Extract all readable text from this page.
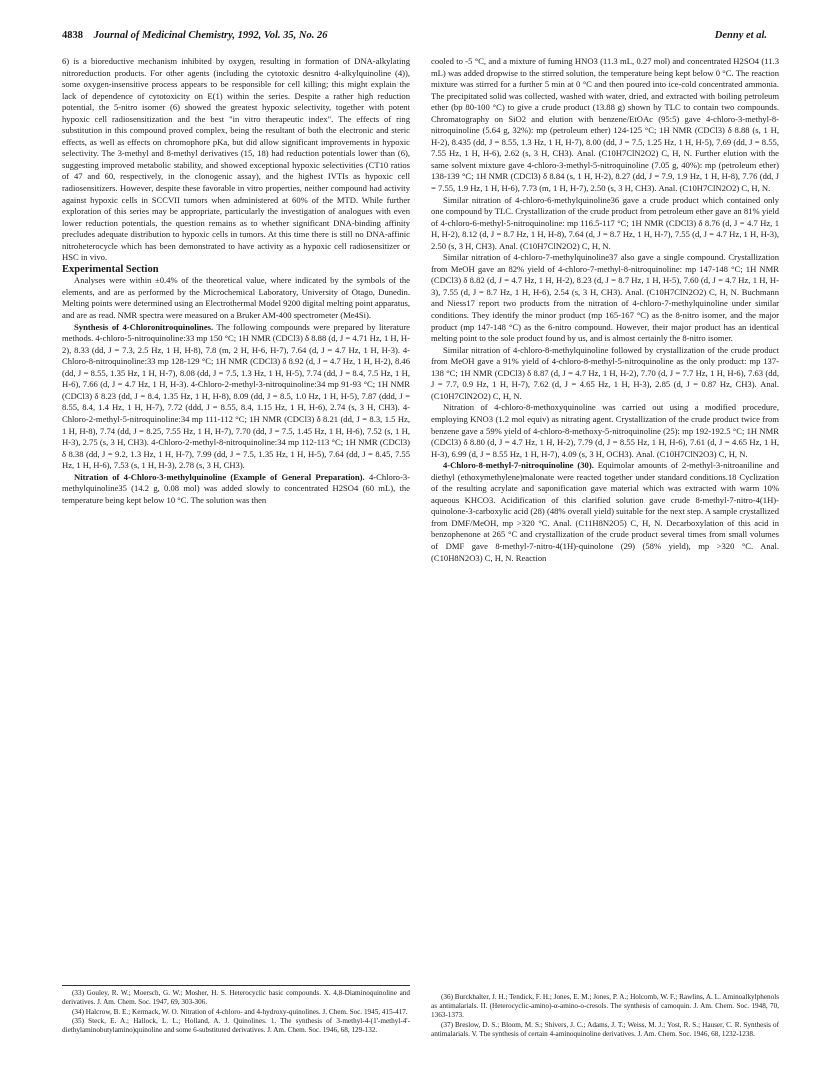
4838 Journal of Medicinal Chemistry, 1992, Vol. 35, No. 26	Denny et al.

6) is a bioreductive mechanism inhibited by oxygen, resulting in formation of DNA-alkylating nitroreduction products. For other agents (including the cytotoxic desnitro 4-alkylquinoline (4)), some oxygen-insensitive process appears to be responsible for cell killing; this might explain the lack of dependence of cytotoxicity on E(1) within the series. Despite a rather high reduction potential, the 5-nitro isomer (6) showed the greatest hypoxic selectivity, together with potent hypoxic cell radiosensitization and the best "in vitro therapeutic index". The effects of ring substitution in this compound proved complex, being the resultant of both the electronic and steric effects, as well as effects on chromophore pKa, but did allow significant improvements in hypoxic selectivity. The 3-methyl and 8-methyl derivatives (15, 18) had reduction potentials lower than (6), suggesting improved metabolic stability, and showed exceptional hypoxic selectivities (CT10 ratios of 47 and 60, respectively, in the clonogenic assay), and the highest IVTIs as hypoxic cell radiosensitizers. However, despite these favorable in vitro properties, neither compound had activity against hypoxic cells in SCCVII tumors when administered at 60% of the MTD. While further exploration of this series may be appropriate, particularly the investigation of analogues with even lower reduction potentials, the question remains as to whether significant DNA-binding affinity precludes adequate distribution to hypoxic cells in tumors. At this time there is still no DNA-affinic nitroheterocycle which has been demonstrated to have activity as a hypoxic cell radiosensitizer or HSC in vivo.

Experimental Section

Analyses were within ±0.4% of the theoretical value, where indicated by the symbols of the elements, and are as performed by the Microchemical Laboratory, University of Otago, Dunedin. Melting points were determined using an Electrothermal Model 9200 digital melting point apparatus, and are as read. NMR spectra were measured on a Bruker AM-400 spectrometer (Me4Si).

Synthesis of 4-Chloronitroquinolines. The following compounds were prepared by literature methods. 4-chloro-5-nitroquinoline:33 mp 150 °C; 1H NMR (CDCl3) δ 8.88 (d, J = 4.71 Hz, 1 H, H-2), 8.33 (dd, J = 7.3, 2.5 Hz, 1 H, H-8), 7.8 (m, 2 H, H-6, H-7), 7.64 (d, J = 4.7 Hz, 1 H, H-3). 4-Chloro-8-nitroquinoline:33 mp 128-129 °C; 1H NMR (CDCl3) δ 8.92 (d, J = 4.7 Hz, 1 H, H-2), 8.46 (dd, J = 8.55, 1.35 Hz, 1 H, H-7), 8.08 (dd, J = 7.5, 1.3 Hz, 1 H, H-5), 7.74 (dd, J = 8.4, 7.5 Hz, 1 H, H-6), 7.66 (d, J = 4.7 Hz, 1 H, H-3). 4-Chloro-2-methyl-3-nitroquinoline:34 mp 91-93 °C; 1H NMR (CDCl3) δ 8.23 (dd, J = 8.4, 1.35 Hz, 1 H, H-8), 8.09 (dd, J = 8.5, 1.0 Hz, 1 H, H-5), 7.87 (ddd, J = 8.55, 8.4, 1.4 Hz, 1 H, H-7), 7.72 (ddd, J = 8.55, 8.4, 1.15 Hz, 1 H, H-6), 2.74 (s, 3 H, CH3). 4-Chloro-2-methyl-5-nitroquinoline:34 mp 111-112 °C; 1H NMR (CDCl3) δ 8.21 (dd, J = 8.3, 1.5 Hz, 1 H, H-8), 7.74 (dd, J = 8.25, 7.55 Hz, 1 H, H-7), 7.70 (dd, J = 7.5, 1.45 Hz, 1 H, H-6), 7.52 (s, 1 H, H-3), 2.75 (s, 3 H, CH3). 4-Chloro-2-methyl-8-nitroquinoline:34 mp 112-113 °C; 1H NMR (CDCl3) δ 8.38 (dd, J = 9.2, 1.3 Hz, 1 H, H-7), 7.99 (dd, J = 7.5, 1.35 Hz, 1 H, H-5), 7.64 (dd, J = 8.45, 7.55 Hz, 1 H, H-6), 7.53 (s, 1 H, H-3), 2.78 (s, 3 H, CH3).

Nitration of 4-Chloro-3-methylquinoline (Example of General Preparation). 4-Chloro-3-methylquinoline35 (14.2 g, 0.08 mol) was added slowly to concentrated H2SO4 (60 mL), the temperature being kept below 10 °C. The solution was then

cooled to -5 °C, and a mixture of fuming HNO3 (11.3 mL, 0.27 mol) and concentrated H2SO4 (11.3 mL) was added dropwise to the stirred solution, the temperature being kept below 0 °C. The reaction mixture was stirred for a further 5 min at 0 °C and then poured into ice-cold concentrated ammonia. The precipitated solid was collected, washed with water, dried, and extracted with boiling petroleum ether (bp 80-100 °C) to give a crude product (13.88 g) shown by TLC to contain two compounds. Chromatography on SiO2 and elution with benzene/EtOAc (95:5) gave 4-chloro-3-methyl-8-nitroquinoline (5.64 g, 32%): mp (petroleum ether) 124-125 °C; 1H NMR (CDCl3) δ 8.88 (s, 1 H, H-2), 8.435 (dd, J = 8.55, 1.3 Hz, 1 H, H-7), 8.00 (dd, J = 7.5, 1.25 Hz, 1 H, H-5), 7.69 (dd, J = 8.55, 7.55 Hz, 1 H, H-6), 2.62 (s, 3 H, CH3). Anal. (C10H7ClN2O2) C, H, N. Further elution with the same solvent mixture gave 4-chloro-3-methyl-5-nitroquinoline (7.05 g, 40%): mp (petroleum ether) 138-139 °C; 1H NMR (CDCl3) δ 8.84 (s, 1 H, H-2), 8.27 (dd, J = 7.9, 1.9 Hz, 1 H, H-8), 7.76 (dd, J = 7.55, 1.9 Hz, 1 H, H-6), 7.73 (m, 1 H, H-7), 2.50 (s, 3 H, CH3). Anal. (C10H7ClN2O2) C, H, N.

Similar nitration of 4-chloro-6-methylquinoline36 gave a crude product which contained only one compound by TLC. Crystallization of the crude product from petroleum ether gave an 81% yield of 4-chloro-6-methyl-5-nitroquinoline: mp 116.5-117 °C; 1H NMR (CDCl3) δ 8.76 (d, J = 4.7 Hz, 1 H, H-2), 8.12 (d, J = 8.7 Hz, 1 H, H-8), 7.64 (d, J = 8.7 Hz, 1 H, H-7), 7.55 (d, J = 4.7 Hz, 1 H, H-3), 2.50 (s, 3 H, CH3). Anal. (C10H7ClN2O2) C, H, N.

Similar nitration of 4-chloro-7-methylquinoline37 also gave a single compound. Crystallization from MeOH gave an 82% yield of 4-chloro-7-methyl-8-nitroquinoline: mp 147-148 °C; 1H NMR (CDCl3) δ 8.82 (d, J = 4.7 Hz, 1 H, H-2), 8.23 (d, J = 8.7 Hz, 1 H, H-5), 7.60 (d, J = 4.7 Hz, 1 H, H-3), 7.55 (d, J = 8.7 Hz, 1 H, H-6), 2.54 (s, 3 H, CH3). Anal. (C10H7ClN2O2) C, H, N. Buchmann and Niess17 report two products from the nitration of 4-chloro-7-methylquinoline under similar conditions. They identify the minor product (mp 165-167 °C) as the 8-nitro isomer, and the major product (mp 147-148 °C) as the 6-nitro compound. However, their major product has an identical melting point to the sole product found by us, and is almost certainly the 8-nitro isomer.

Similar nitration of 4-chloro-8-methylquinoline followed by crystallization of the crude product from MeOH gave a 91% yield of 4-chloro-8-methyl-5-nitroquinoline as the only product: mp 137-138 °C; 1H NMR (CDCl3) δ 8.87 (d, J = 4.7 Hz, 1 H, H-2), 7.70 (d, J = 7.7 Hz, 1 H, H-6), 7.63 (dd, J = 7.7, 0.9 Hz, 1 H, H-7), 7.62 (d, J = 4.65 Hz, 1 H, H-3), 2.85 (d, J = 0.87 Hz, CH3). Anal. (C10H7ClN2O2) C, H, N.

Nitration of 4-chloro-8-methoxyquinoline was carried out using a modified procedure, employing KNO3 (1.2 mol equiv) as nitrating agent. Crystallization of the crude product twice from benzene gave a 59% yield of 4-chloro-8-methoxy-5-nitroquinoline (25): mp 192-192.5 °C; 1H NMR (CDCl3) δ 8.80 (d, J = 4.7 Hz, 1 H, H-2), 7.79 (d, J = 8.55 Hz, 1 H, H-6), 7.61 (d, J = 4.65 Hz, 1 H, H-3), 6.99 (d, J = 8.55 Hz, 1 H, H-7), 4.09 (s, 3 H, OCH3). Anal. (C10H7ClN2O3) C, H, N.

4-Chloro-8-methyl-7-nitroquinoline (30). Equimolar amounts of 2-methyl-3-nitroaniline and diethyl (ethoxymethylene)malonate were reacted together under standard conditions.18 Cyclization of the resulting acrylate and saponification gave material which was extracted with warm 10% aqueous KHCO3. Acidification of this clarified solution gave crude 8-methyl-7-nitro-4(1H)-quinolone-3-carboxylic acid (28) (48% overall yield) suitable for the next step. A sample crystallized from DMF/MeOH, mp >320 °C. Anal. (C11H8N2O5) C, H, N. Decarboxylation of this acid in benzophenone at 265 °C and crystallization of the crude product several times from small volumes of DMF gave 8-methyl-7-nitro-4(1H)-quinolone (29) (58% yield), mp >320 °C. Anal. (C10H8N2O3) C, H, N. Reaction

(33) Gouley, R. W.; Moersch, G. W.; Mosher, H. S. Heterocyclic basic compounds. X. 4,8-Diaminoquinoline and derivatives. J. Am. Chem. Soc. 1947, 69, 303-306.

(34) Halcrow, B. E.; Kermack, W. O. Nitration of 4-chloro- and 4-hydroxy-quinolines. J. Chem. Soc. 1945, 415-417.

(35) Steck, E. A.; Hallock, L. L.; Holland, A. J. Quinolines. 1. The synthesis of 3-methyl-4-(1'-methyl-4'-diethylaminobutylamino)quinoline and some 6-substituted derivatives. J. Am. Chem. Soc. 1946, 68, 129-132.

(36) Burckhalter, J. H.; Tendick, F. H.; Jones, E. M.; Jones, P. A.; Holcomb, W. F.; Rawlins, A. L. Aminoalkylphenols as antimalarials. II. (Heterocyclic-amino)-α-amino-o-cresols. The synthesis of camoquin. J. Am. Chem. Soc. 1948, 70, 1363-1373.

(37) Breslow, D. S.; Bloom, M. S.; Shivers, J. C.; Adams, J. T.; Weiss, M. J.; Yost, R. S.; Hauser, C. R. Synthesis of antimalarials. V. The synthesis of certain 4-aminoquinoline derivatives. J. Am. Chem. Soc. 1946, 68, 1232-1238.
